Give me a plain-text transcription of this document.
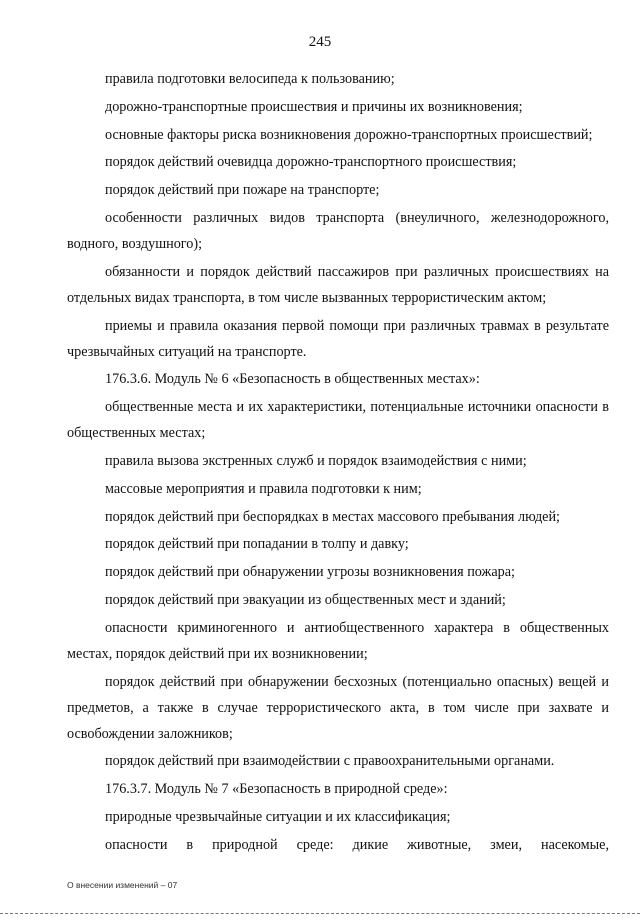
245

правила подготовки велосипеда к пользованию;

дорожно-транспортные происшествия и причины их возникновения;

основные факторы риска возникновения дорожно-транспортных происшествий;

порядок действий очевидца дорожно-транспортного происшествия;

порядок действий при пожаре на транспорте;

особенности различных видов транспорта (внеуличного, железнодорожного, водного, воздушного);

обязанности и порядок действий пассажиров при различных происшествиях на отдельных видах транспорта, в том числе вызванных террористическим актом;

приемы и правила оказания первой помощи при различных травмах в результате чрезвычайных ситуаций на транспорте.

176.3.6. Модуль № 6 «Безопасность в общественных местах»:

общественные места и их характеристики, потенциальные источники опасности в общественных местах;

правила вызова экстренных служб и порядок взаимодействия с ними;

массовые мероприятия и правила подготовки к ним;

порядок действий при беспорядках в местах массового пребывания людей;

порядок действий при попадании в толпу и давку;

порядок действий при обнаружении угрозы возникновения пожара;

порядок действий при эвакуации из общественных мест и зданий;

опасности криминогенного и антиобщественного характера в общественных местах, порядок действий при их возникновении;

порядок действий при обнаружении бесхозных (потенциально опасных) вещей и предметов, а также в случае террористического акта, в том числе при захвате и освобождении заложников;

порядок действий при взаимодействии с правоохранительными органами.

176.3.7. Модуль № 7 «Безопасность в природной среде»:

природные чрезвычайные ситуации и их классификация;

опасности в природной среде: дикие животные, змеи, насекомые,

О внесении изменений – 07
